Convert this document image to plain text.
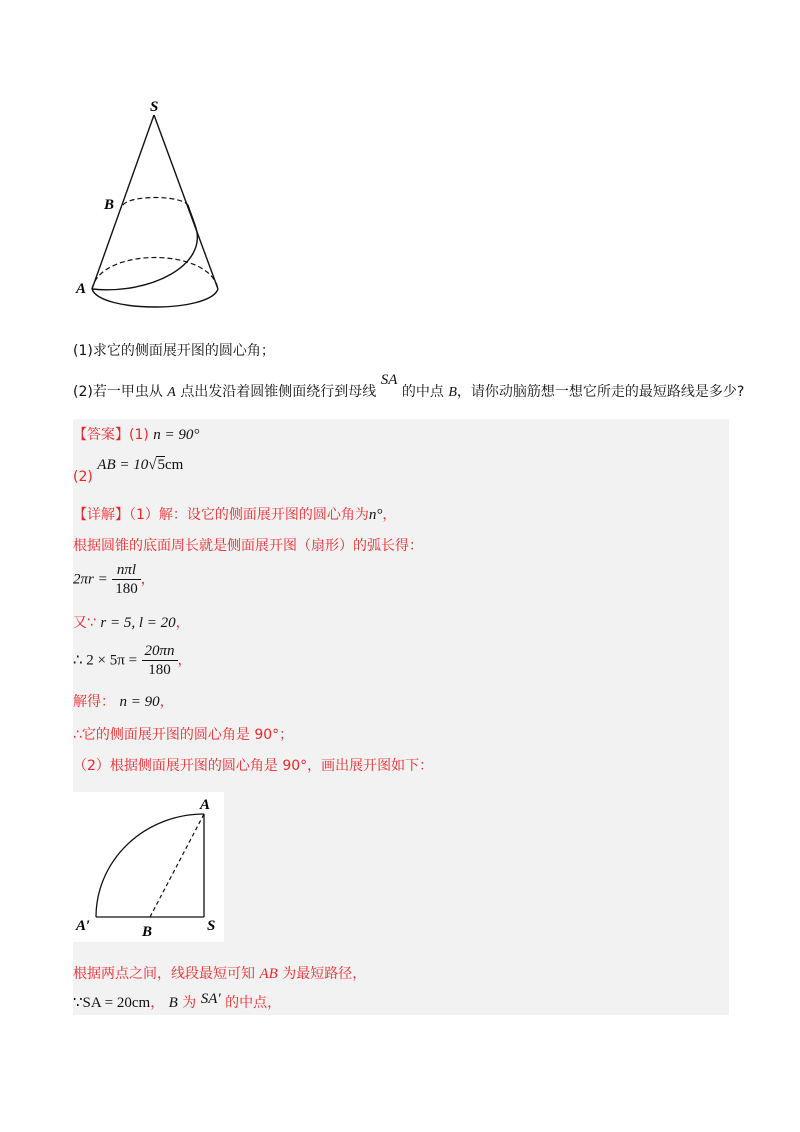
S
B
A
(1)求它的侧面展开图的圆心角；
(2)若一甲虫从 A 点出发沿着圆锥侧面绕行到母线 SA 的中点 B，请你动脑筋想一想它所走的最短路线是多少?
【答案】(1) n = 90°
(2) AB = 10√5cm
【详解】（1）解：设它的侧面展开图的圆心角为n°，
根据圆锥的底面周长就是侧面展开图（扇形）的弧长得：
$2\pi r = \frac{\text{nπl}}{180}$ ，
又∵ r = 5, l = 20，
∴ $2 \times 5\pi = \frac{20\pi n}{180}$ ，
解得： n = 90，
∴它的侧面展开图的圆心角是 90°；
（2）根据侧面展开图的圆心角是 90°，画出展开图如下：
A
A′	B	S
根据两点之间，线段最短可知 AB 为最短路径，
∵SA = 20cm， B 为 SA′ 的中点，
